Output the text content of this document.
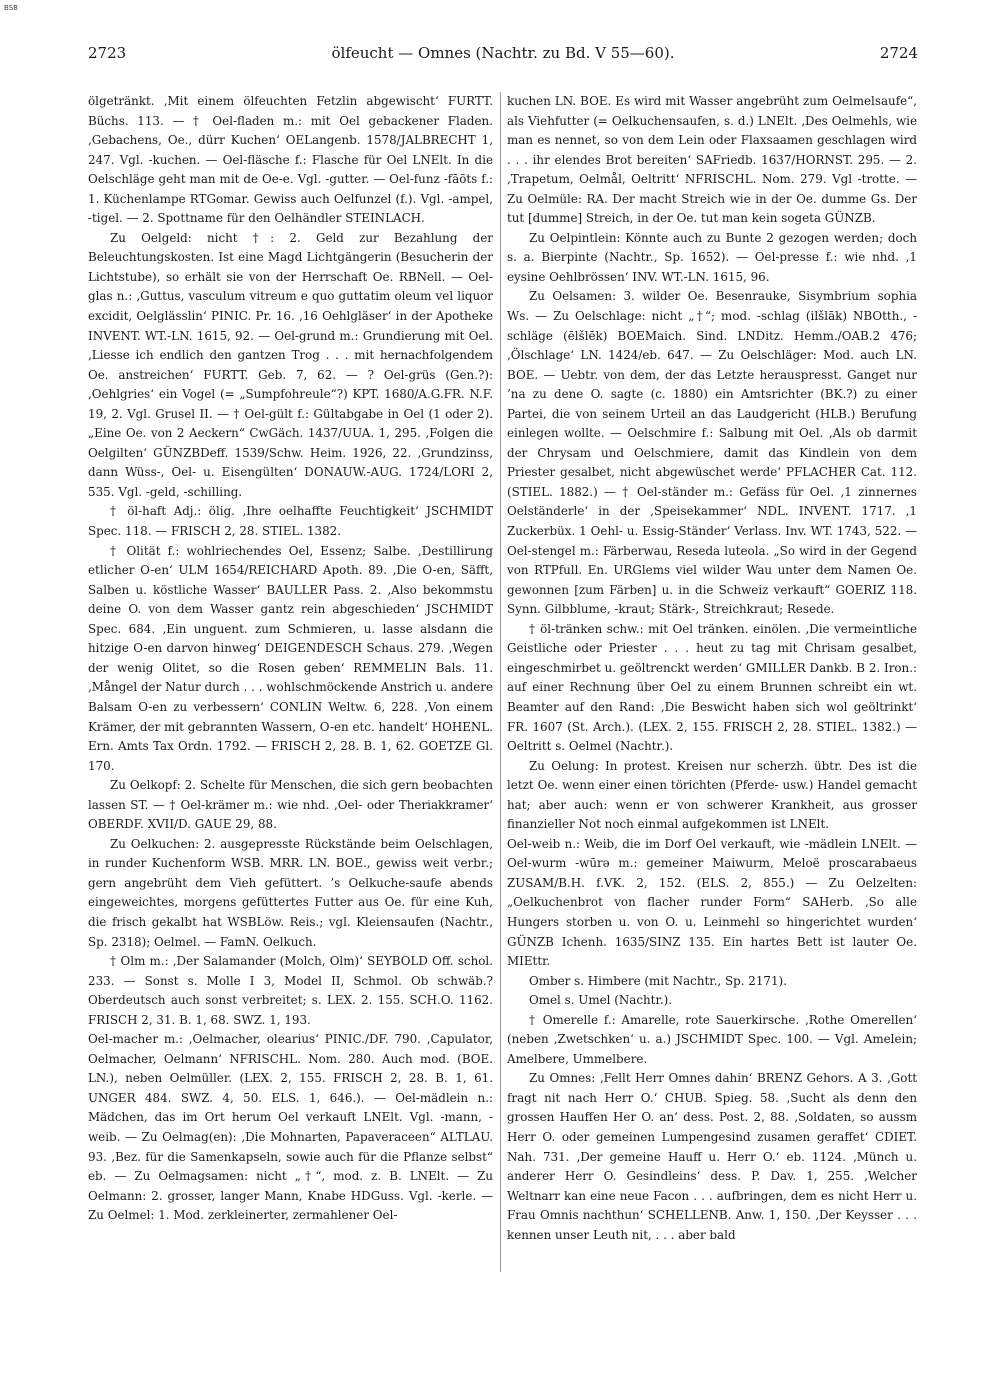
BSB
2723	ölfeucht — Omnes (Nachtr. zu Bd. V 55—60).	2724

ölgetränkt. ‚Mit einem ölfeuchten Fetzlin abgewischt‘ FURTT. Büchs. 113. — † Oel-fladen m.: mit Oel gebackener Fladen. ‚Gebachens, Oe., dürr Kuchen‘ OELangenb. 1578/JALBRECHT 1, 247. Vgl. -kuchen. — Oel-fläsche f.: Flasche für Oel LNElt. In die Oelschläge geht man mit de Oe-e. Vgl. -gutter. — Oel-funz -fāōts f.: 1. Küchenlampe RTGomar. Gewiss auch Oelfunzel (f.). Vgl. -ampel, -tigel. — 2. Spottname für den Oelhändler STEINLACH.

Zu Oelgeld: nicht †: 2. Geld zur Bezahlung der Beleuchtungskosten. Ist eine Magd Lichtgängerin (Besucherin der Lichtstube), so erhält sie von der Herrschaft Oe. RBNell. — Oel-glas n.: ‚Guttus, vasculum vitreum e quo guttatim oleum vel liquor excidit, Oelglässlin‘ PINIC. Pr. 16. ‚16 Oehlgläser‘ in der Apotheke INVENT. WT.-LN. 1615, 92. — Oel-grund m.: Grundierung mit Oel. ‚Liesse ich endlich den gantzen Trog . . . mit hernachfolgendem Oe. anstreichen‘ FURTT. Geb. 7, 62. — ? Oel-grüs (Gen.?): ‚Oehlgries‘ ein Vogel (= „Sumpfohreule“?) KPT. 1680/A.G.FR. N.F. 19, 2. Vgl. Grusel II. — † Oel-gült f.: Gültabgabe in Oel (1 oder 2). „Eine Oe. von 2 Aeckern“ CwGäch. 1437/UUA. 1, 295. ‚Folgen die Oelgilten‘ GÜNZBDeff. 1539/Schw. Heim. 1926, 22. ‚Grundzinss, dann Wüss-, Oel- u. Eisengülten‘ DONAUW.-AUG. 1724/LORI 2, 535. Vgl. -geld, -schilling.

† öl-haft Adj.: ölig. ‚Ihre oelhaffte Feuchtigkeit‘ JSCHMIDT Spec. 118. — FRISCH 2, 28. STIEL. 1382.

† Olität f.: wohlriechendes Oel, Essenz; Salbe. ‚Destillirung etlicher O-en‘ ULM 1654/REICHARD Apoth. 89. ‚Die O-en, Säfft, Salben u. köstliche Wasser‘ BAULLER Pass. 2. ‚Also bekommstu deine O. von dem Wasser gantz rein abgeschieden‘ JSCHMIDT Spec. 684. ‚Ein unguent. zum Schmieren, u. lasse alsdann die hitzige O-en darvon hinweg‘ DEIGENDESCH Schaus. 279. ‚Wegen der wenig Olitet, so die Rosen geben‘ REMMELIN Bals. 11. ‚Mångel der Natur durch . . . wohlschmöckende Anstrich u. andere Balsam O-en zu verbessern‘ CONLIN Weltw. 6, 228. ‚Von einem Krämer, der mit gebrannten Wassern, O-en etc. handelt‘ HOHENL. Ern. Amts Tax Ordn. 1792. — FRISCH 2, 28. B. 1, 62. GOETZE Gl. 170.

Zu Oelkopf: 2. Schelte für Menschen, die sich gern beobachten lassen ST. — † Oel-krämer m.: wie nhd. ‚Oel- oder Theriakkramer‘ OBERDF. XVII/D. GAUE 29, 88.

Zu Oelkuchen: 2. ausgepresste Rückstände beim Oelschlagen, in runder Kuchenform WSB. MRR. LN. BOE., gewiss weit verbr.; gern angebrüht dem Vieh gefüttert. ’s Oelkuche-saufe abends eingeweichtes, morgens gefüttertes Futter aus Oe. für eine Kuh, die frisch gekalbt hat WSBLöw. Reis.; vgl. Kleiensaufen (Nachtr., Sp. 2318); Oelmel. — FamN. Oelkuch.

† Olm m.: ‚Der Salamander (Molch, Olm)‘ SEYBOLD Off. schol. 233. — Sonst s. Molle I 3, Model II, Schmol. Ob schwäb.? Oberdeutsch auch sonst verbreitet; s. LEX. 2. 155. SCH.O. 1162. FRISCH 2, 31. B. 1, 68. SWZ. 1, 193.

Oel-macher m.: ‚Oelmacher, olearius‘ PINIC./DF. 790. ‚Capulator, Oelmacher, Oelmann‘ NFRISCHL. Nom. 280. Auch mod. (BOE. LN.), neben Oelmüller. (LEX. 2, 155. FRISCH 2, 28. B. 1, 61. UNGER 484. SWZ. 4, 50. ELS. 1, 646.). — Oel-mädlein n.: Mädchen, das im Ort herum Oel verkauft LNElt. Vgl. -mann, -weib. — Zu Oelmag(en): ‚Die Mohnarten, Papaveraceen“ ALTLAU. 93. ‚Bez. für die Samenkapseln, sowie auch für die Pflanze selbst“ eb. — Zu Oelmagsamen: nicht „†“, mod. z. B. LNElt. — Zu Oelmann: 2. grosser, langer Mann, Knabe HDGuss. Vgl. -kerle. — Zu Oelmel: 1. Mod. zerkleinerter, zermahlener Oel-

kuchen LN. BOE. Es wird mit Wasser angebrüht zum Oelmelsaufe“, als Viehfutter (= Oelkuchensaufen, s. d.) LNElt. ‚Des Oelmehls, wie man es nennet, so von dem Lein oder Flaxsaamen geschlagen wird . . . ihr elendes Brot bereiten‘ SAFriedb. 1637/HORNST. 295. — 2. ‚Trapetum, Oelmål, Oeltritt‘ NFRISCHL. Nom. 279. Vgl -trotte. — Zu Oelmüle: RA. Der macht Streich wie in der Oe. dumme Gs. Der tut [dumme] Streich, in der Oe. tut man kein sogeta GÜNZB.

Zu Oelpintlein: Könnte auch zu Bunte 2 gezogen werden; doch s. a. Bierpinte (Nachtr., Sp. 1652). — Oel-presse f.: wie nhd. ‚1 eysine Oehlbrössen‘ INV. WT.-LN. 1615, 96.

Zu Oelsamen: 3. wilder Oe. Besenrauke, Sisymbrium sophia Ws. — Zu Oelschlage: nicht „†“; mod. -schlag (ilšlāk) NBOtth., -schläge (ēlšlēk) BOEMaich. Sind. LNDitz. Hemm./OAB.2 476; ‚Ölschlage‘ LN. 1424/eb. 647. — Zu Oelschläger: Mod. auch LN. BOE. — Uebtr. von dem, der das Letzte herauspresst. Ganget nur ’na zu dene O. sagte (c. 1880) ein Amtsrichter (BK.?) zu einer Partei, die von seinem Urteil an das Laudgericht (HLB.) Berufung einlegen wollte. — Oelschmire f.: Salbung mit Oel. ‚Als ob darmit der Chrysam und Oelschmiere, damit das Kindlein von dem Priester gesalbet, nicht abgewüschet werde‘ PFLACHER Cat. 112. (STIEL. 1882.) — † Oel-ständer m.: Gefäss für Oel. ‚1 zinnernes Oelständerle‘ in der ‚Speisekammer‘ NDL. INVENT. 1717. ‚1 Zuckerbüx. 1 Oehl- u. Essig-Ständer‘ Verlass. Inv. WT. 1743, 522. — Oel-stengel m.: Färberwau, Reseda luteola. „So wird in der Gegend von RTPfull. En. URGlems viel wilder Wau unter dem Namen Oe. gewonnen [zum Färben] u. in die Schweiz verkauft“ GOERIZ 118. Synn. Gilbblume, -kraut; Stärk-, Streichkraut; Resede.

† öl-tränken schw.: mit Oel tränken. einölen. ‚Die vermeintliche Geistliche oder Priester . . . heut zu tag mit Chrisam gesalbet, eingeschmirbet u. geöltrenckt werden‘ GMILLER Dankb. B 2. Iron.: auf einer Rechnung über Oel zu einem Brunnen schreibt ein wt. Beamter auf den Rand: ‚Die Beswicht haben sich wol geöltrinkt‘ FR. 1607 (St. Arch.). (LEX. 2, 155. FRISCH 2, 28. STIEL. 1382.) — Oeltritt s. Oelmel (Nachtr.).

Zu Oelung: In protest. Kreisen nur scherzh. übtr. Des ist die letzt Oe. wenn einer einen törichten (Pferde- usw.) Handel gemacht hat; aber auch: wenn er von schwerer Krankheit, aus grosser finanzieller Not noch einmal aufgekommen ist LNElt.

Oel-weib n.: Weib, die im Dorf Oel verkauft, wie -mädlein LNElt. — Oel-wurm -wūrə m.: gemeiner Maiwurm, Meloë proscarabaeus ZUSAM/B.H. f.VK. 2, 152. (ELS. 2, 855.) — Zu Oelzelten: „Oelkuchenbrot von flacher runder Form“ SAHerb. ‚So alle Hungers storben u. von O. u. Leinmehl so hingerichtet wurden‘ GÜNZB Ichenh. 1635/SINZ 135. Ein hartes Bett ist lauter Oe. MIEttr.

Omber s. Himbere (mit Nachtr., Sp. 2171).

Omel s. Umel (Nachtr.).

† Omerelle f.: Amarelle, rote Sauerkirsche. ‚Rothe Omerellen‘ (neben ‚Zwetschken‘ u. a.) JSCHMIDT Spec. 100. — Vgl. Amelein; Amelbere, Ummelbere.

Zu Omnes: ‚Fellt Herr Omnes dahin‘ BRENZ Gehors. A 3. ‚Gott fragt nit nach Herr O.‘ CHUB. Spieg. 58. ‚Sucht als denn den grossen Hauffen Her O. an‘ dess. Post. 2, 88. ‚Soldaten, so aussm Herr O. oder gemeinen Lumpengesind zusamen geraffet‘ CDIET. Nah. 731. ‚Der gemeine Hauff u. Herr O.‘ eb. 1124. ‚Münch u. anderer Herr O. Gesindleins‘ dess. P. Dav. 1, 255. ‚Welcher Weltnarr kan eine neue Facon . . . aufbringen, dem es nicht Herr u. Frau Omnis nachthun‘ SCHELLENB. Anw. 1, 150. ‚Der Keysser . . . kennen unser Leuth nit, . . . aber bald
